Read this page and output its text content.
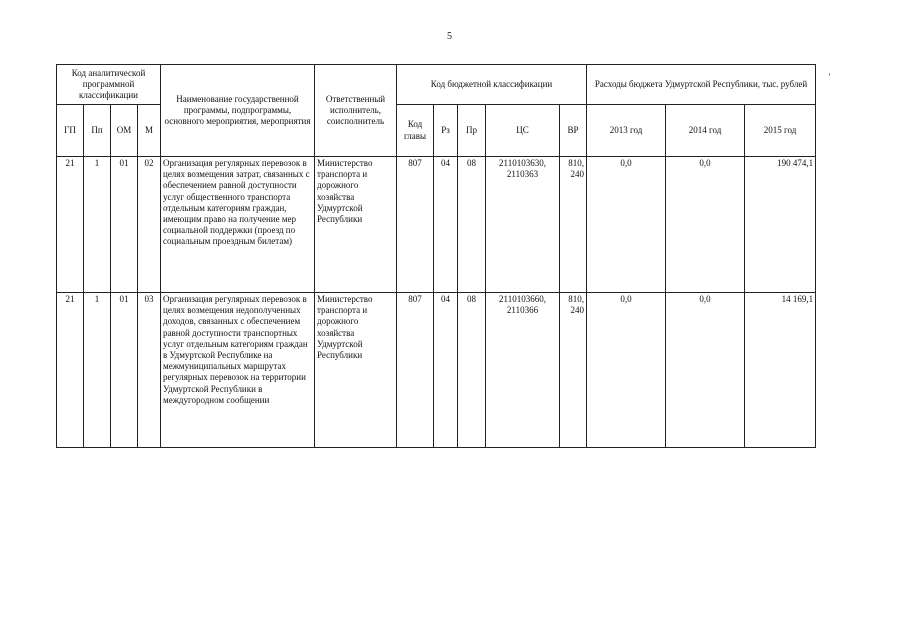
5
Код аналитической программной классификации				Наименование государственной программы, подпрограммы, основного мероприятия, мероприятия	Ответственный исполнитель, соисполнитель	Код бюджетной классификации					Расходы бюджета Удмуртской Республики, тыс. рублей		
ГП	Пп	ОМ	М			Код главы	Рз	Пр	ЦС	ВР	2013 год	2014 год	2015 год
21	1	01	02	Организация регулярных перевозок в целях возмещения затрат, связанных с обеспечением равной доступности услуг общественного транспорта отдельным категориям граждан, имеющим право на получение мер социальной поддержки (проезд по социальным проездным билетам)	Министерство транспорта и дорожного хозяйства Удмуртской Республики	807	04	08	2110103630, 2110363	810, 240	0,0	0,0	190 474,1
21	1	01	03	Организация регулярных перевозок в целях возмещения недополученных доходов, связанных с обеспечением равной доступности транспортных услуг отдельным категориям граждан в Удмуртской Республике на межмуниципальных маршрутах регулярных перевозок на территории Удмуртской Республики в междугородном сообщении	Министерство транспорта и дорожного хозяйства Удмуртской Республики	807	04	08	2110103660, 2110366	810, 240	0,0	0,0	14 169,1
